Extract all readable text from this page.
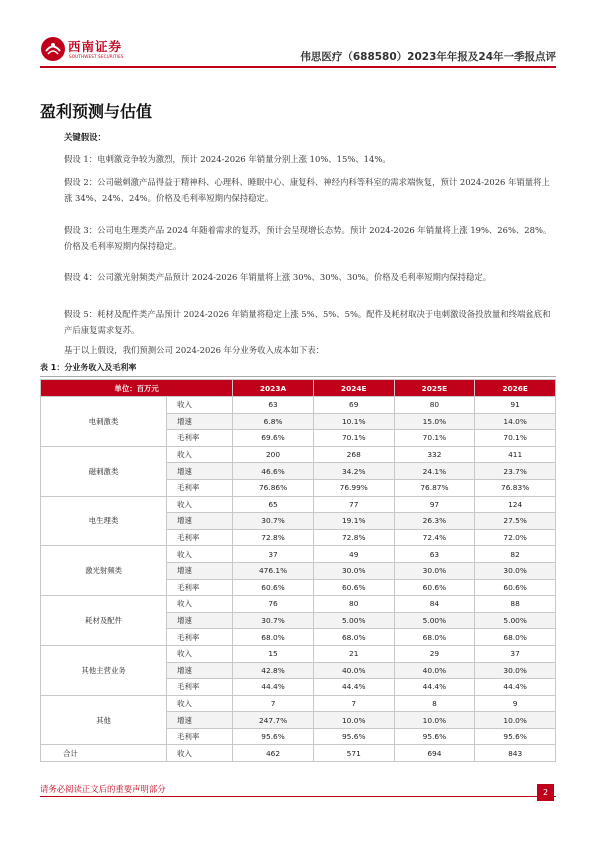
西南证券
SOUTHWEST SECURITIES	伟思医疗（688580）2023年年报及24年一季报点评
盈利预测与估值
关键假设：
假设 1：电刺激竞争较为激烈，预计 2024-2026 年销量分别上涨 10%、15%、14%。
假设 2：公司磁刺激产品得益于精神科、心理科、睡眠中心、康复科、神经内科等科室的需求端恢复，预计 2024-2026 年销量将上涨 34%、24%、24%。价格及毛利率短期内保持稳定。
假设 3：公司电生理类产品 2024 年随着需求的复苏，预计会呈现增长态势。预计 2024-2026 年销量将上涨 19%、26%、28%。价格及毛利率短期内保持稳定。
假设 4：公司激光射频类产品预计 2024-2026 年销量将上涨 30%、30%、30%。价格及毛利率短期内保持稳定。
假设 5：耗材及配件类产品预计 2024-2026 年销量将稳定上涨 5%、5%、5%。配件及耗材取决于电刺激设备投放量和终端盆底和产后康复需求复苏。
基于以上假设，我们预测公司 2024-2026 年分业务收入成本如下表：
表 1：分业务收入及毛利率
单位：百万元		2023A	2024E	2025E	2026E
电刺激类	收入	63	69	80	91
	增速	6.8%	10.1%	15.0%	14.0%
	毛利率	69.6%	70.1%	70.1%	70.1%
磁刺激类	收入	200	268	332	411
	增速	46.6%	34.2%	24.1%	23.7%
	毛利率	76.86%	76.99%	76.87%	76.83%
电生理类	收入	65	77	97	124
	增速	30.7%	19.1%	26.3%	27.5%
	毛利率	72.8%	72.8%	72.4%	72.0%
激光射频类	收入	37	49	63	82
	增速	476.1%	30.0%	30.0%	30.0%
	毛利率	60.6%	60.6%	60.6%	60.6%
耗材及配件	收入	76	80	84	88
	增速	30.7%	5.00%	5.00%	5.00%
	毛利率	68.0%	68.0%	68.0%	68.0%
其他主营业务	收入	15	21	29	37
	增速	42.8%	40.0%	40.0%	30.0%
	毛利率	44.4%	44.4%	44.4%	44.4%
其他	收入	7	7	8	9
	增速	247.7%	10.0%	10.0%	10.0%
	毛利率	95.6%	95.6%	95.6%	95.6%
合计	收入	462	571	694	843
请务必阅读正文后的重要声明部分	2
